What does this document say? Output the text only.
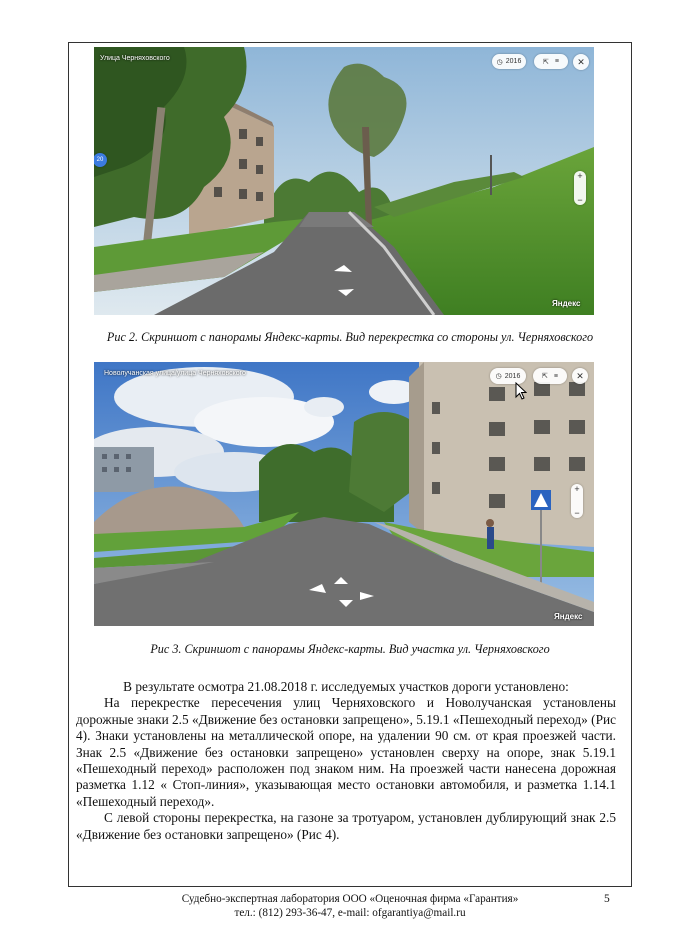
Улица Черняховского	◷ 2016	⇱ ≡ ✕
20
+
−
Яндекс
Рис 2. Скриншот с панорамы Яндекс-карты. Вид перекрестка со стороны ул. Черняховского
Новолучанская улица/улица Черняховского	◷ 2016	⇱ ≡ ✕
+
−
Яндекс
Рис 3. Скриншот с панорамы Яндекс-карты. Вид участка ул. Черняховского

В результате осмотра 21.08.2018 г. исследуемых участков дороги установлено:

На перекрестке пересечения улиц Черняховского и Новолучанская установлены дорожные знаки 2.5 «Движение без остановки запрещено», 5.19.1 «Пешеходный переход» (Рис 4). Знаки установлены на металлической опоре, на удалении 90 см. от края проезжей части. Знак 2.5 «Движение без остановки запрещено» установлен сверху на опоре, знак 5.19.1 «Пешеходный переход» расположен под знаком ним. На проезжей части нанесена дорожная разметка 1.12 « Стоп-линия», указывающая место остановки автомобиля, и разметка 1.14.1 «Пешеходный переход».

С левой стороны перекрестка, на газоне за тротуаром, установлен дублирующий знак 2.5 «Движение без остановки запрещено» (Рис 4).

Судебно-экспертная лаборатория ООО «Оценочная фирма «Гарантия»
тел.: (812) 293-36-47, e-mail: ofgarantiya@mail.ru
5
